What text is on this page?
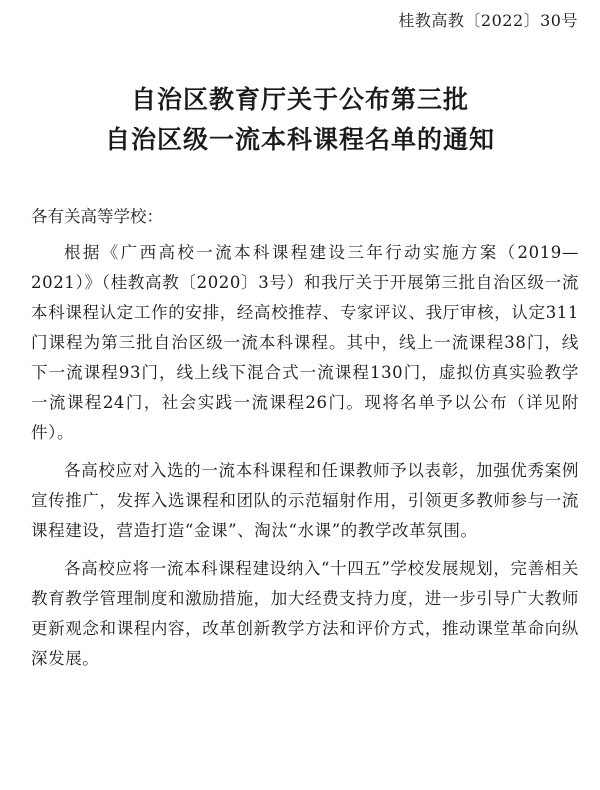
桂教高教〔2022〕30号
自治区教育厅关于公布第三批
自治区级一流本科课程名单的通知

各有关高等学校：

根据《广西高校一流本科课程建设三年行动实施方案（2019—2021）》（桂教高教〔2020〕3号）和我厅关于开展第三批自治区级一流本科课程认定工作的安排，经高校推荐、专家评议、我厅审核，认定311门课程为第三批自治区级一流本科课程。其中，线上一流课程38门，线下一流课程93门，线上线下混合式一流课程130门，虚拟仿真实验教学一流课程24门，社会实践一流课程26门。现将名单予以公布（详见附件）。

各高校应对入选的一流本科课程和任课教师予以表彰，加强优秀案例宣传推广，发挥入选课程和团队的示范辐射作用，引领更多教师参与一流课程建设，营造打造“金课”、淘汰“水课”的教学改革氛围。

各高校应将一流本科课程建设纳入“十四五”学校发展规划，完善相关教育教学管理制度和激励措施，加大经费支持力度，进一步引导广大教师更新观念和课程内容，改革创新教学方法和评价方式，推动课堂革命向纵深发展。
